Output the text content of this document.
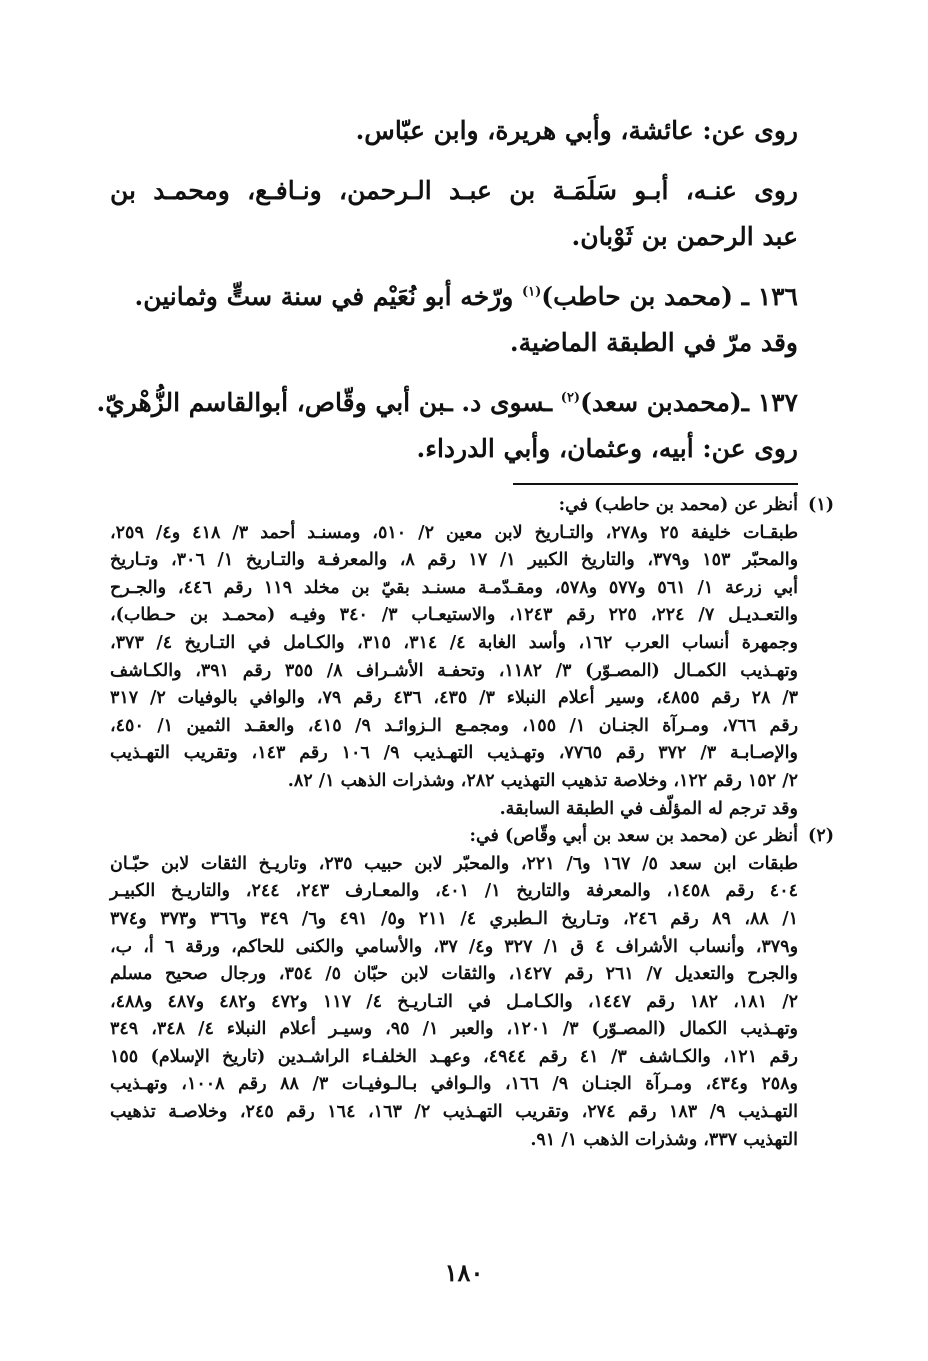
روى عن: عائشة، وأبي هريرة، وابن عبّاس.
روى عنـه، أبـو سَلَمَـة بن عبـد الـرحمن، ونـافـع، ومحمـد بن
عبد الرحمن بن ثَوْبان.
١٣٦ ـ (محمد بن حاطب)$^{(١)}$ ورّخه أبو نُعَيْم في سنة ستٍّ وثمانين.
وقد مرّ في الطبقة الماضية.
١٣٧ ـ(محمدبن سعد)$^{(٢)}$ ـسوى د. ـبن أبي وقّاص، أبوالقاسم الزُّهْريّ.
روى عن: أبيه، وعثمان، وأبي الدرداء.
(١)
أنظر عن (محمد بن حاطب) في:
طبقـات خليفة ٢٥ و٢٧٨، والتـاريخ لابن معين ٢/ ٥١٠، ومسنـد أحمد ٣/ ٤١٨ و٤/ ٢٥٩،
والمحبّر ١٥٣ و٣٧٩، والتاريخ الكبير ١/ ١٧ رقم ٨، والمعرفـة والتـاريخ ١/ ٣٠٦، وتـاريخ
أبي زرعة ١/ ٥٦١ و٥٧٧ و٥٧٨، ومقـدّمـة مسنـد بقيّ بن مخلد ١١٩ رقم ٤٤٦، والجـرح
والتعـديـل ٧/ ٢٢٤، ٢٢٥ رقم ١٢٤٣، والاستيعـاب ٣/ ٣٤٠ وفيـه (محمـد بن حـطاب)،
وجمهرة أنساب العرب ١٦٢، وأسد الغابة ٤/ ٣١٤، ٣١٥، والكـامل في التـاريخ ٤/ ٣٧٣،
وتهـذيب الكمـال (المصـوّر) ٣/ ١١٨٢، وتحفـة الأشـراف ٨/ ٣٥٥ رقم ٣٩١، والكـاشف
٣/ ٢٨ رقم ٤٨٥٥، وسير أعلام النبلاء ٣/ ٤٣٥، ٤٣٦ رقم ٧٩، والوافي بالوفيات ٢/ ٣١٧
رقم ٧٦٦، ومـرآة الجنـان ١/ ١٥٥، ومجمـع الـزوائـد ٩/ ٤١٥، والعقـد الثمين ١/ ٤٥٠،
والإصـابـة ٣/ ٣٧٢ رقم ٧٧٦٥، وتهـذيب التهـذيب ٩/ ١٠٦ رقم ١٤٣، وتقريب التهـذيب
٢/ ١٥٢ رقم ١٢٢، وخلاصة تذهيب التهذيب ٢٨٢، وشذرات الذهب ١/ ٨٢.
وقد ترجم له المؤلّف في الطبقة السابقة.
(٢)
أنظر عن (محمد بن سعد بن أبي وقّاص) في:
طبقات ابن سعد ٥/ ١٦٧ و٦/ ٢٢١، والمحبّر لابن حبيب ٢٣٥، وتاريـخ الثقات لابن حبّـان
٤٠٤ رقم ١٤٥٨، والمعرفة والتاريخ ١/ ٤٠١، والمعـارف ٢٤٣، ٢٤٤، والتاريـخ الكبيـر
١/ ٨٨، ٨٩ رقم ٢٤٦، وتـاريخ الـطبري ٤/ ٢١١ و٥/ ٤٩١ و٦/ ٣٤٩ و٣٦٦ و٣٧٣ و٣٧٤
و٣٧٩، وأنساب الأشراف ٤ ق ١/ ٣٢٧ و٤/ ٣٧، والأسامي والكنى للحاكم، ورقة ٦ أ، ب،
والجرح والتعديل ٧/ ٢٦١ رقم ١٤٢٧، والثقات لابن حبّان ٥/ ٣٥٤، ورجال صحيح مسلم
٢/ ١٨١، ١٨٢ رقم ١٤٤٧، والكـامـل في التـاريـخ ٤/ ١١٧ و٤٧٢ و٤٨٢ و٤٨٧ و٤٨٨،
وتهـذيب الكمال (المصـوّر) ٣/ ١٢٠١، والعبر ١/ ٩٥، وسيـر أعلام النبلاء ٤/ ٣٤٨، ٣٤٩
رقم ١٢١، والكـاشف ٣/ ٤١ رقم ٤٩٤٤، وعهـد الخلفـاء الراشـدين (تاريخ الإسلام) ١٥٥
و٢٥٨ و٤٣٤، ومـرآة الجنـان ٩/ ١٦٦، والـوافي بـالـوفيـات ٣/ ٨٨ رقم ١٠٠٨، وتهـذيب
التهـذيب ٩/ ١٨٣ رقم ٢٧٤، وتقريب التهـذيب ٢/ ١٦٣، ١٦٤ رقم ٢٤٥، وخلاصـة تذهيب
التهذيب ٣٣٧، وشذرات الذهب ١/ ٩١.
١٨٠
